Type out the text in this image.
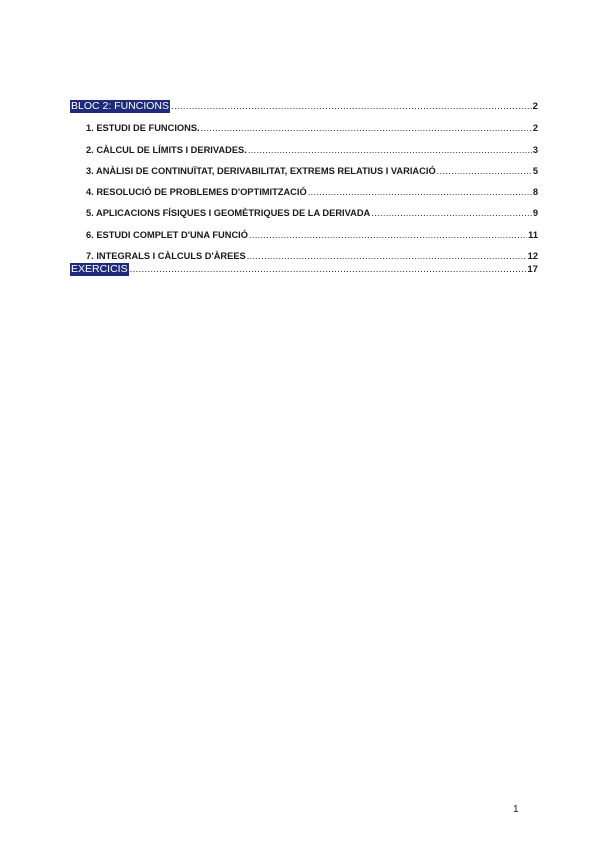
BLOC 2: FUNCIONS .....	2
1. ESTUDI DE FUNCIONS. .....	2
2. CÀLCUL DE LÍMITS I DERIVADES. .....	3
3. ANÀLISI DE CONTINUÏTAT, DERIVABILITAT, EXTREMS RELATIUS I VARIACIÓ .....	5
4. RESOLUCIÓ DE PROBLEMES D'OPTIMITZACIÓ .....	8
5. APLICACIONS FÍSIQUES I GEOMÈTRIQUES DE LA DERIVADA .....	9
6. ESTUDI COMPLET D'UNA FUNCIÓ .....	11
7. INTEGRALS I CÀLCULS D'ÀREES .....	12
EXERCICIS .....	17
1
